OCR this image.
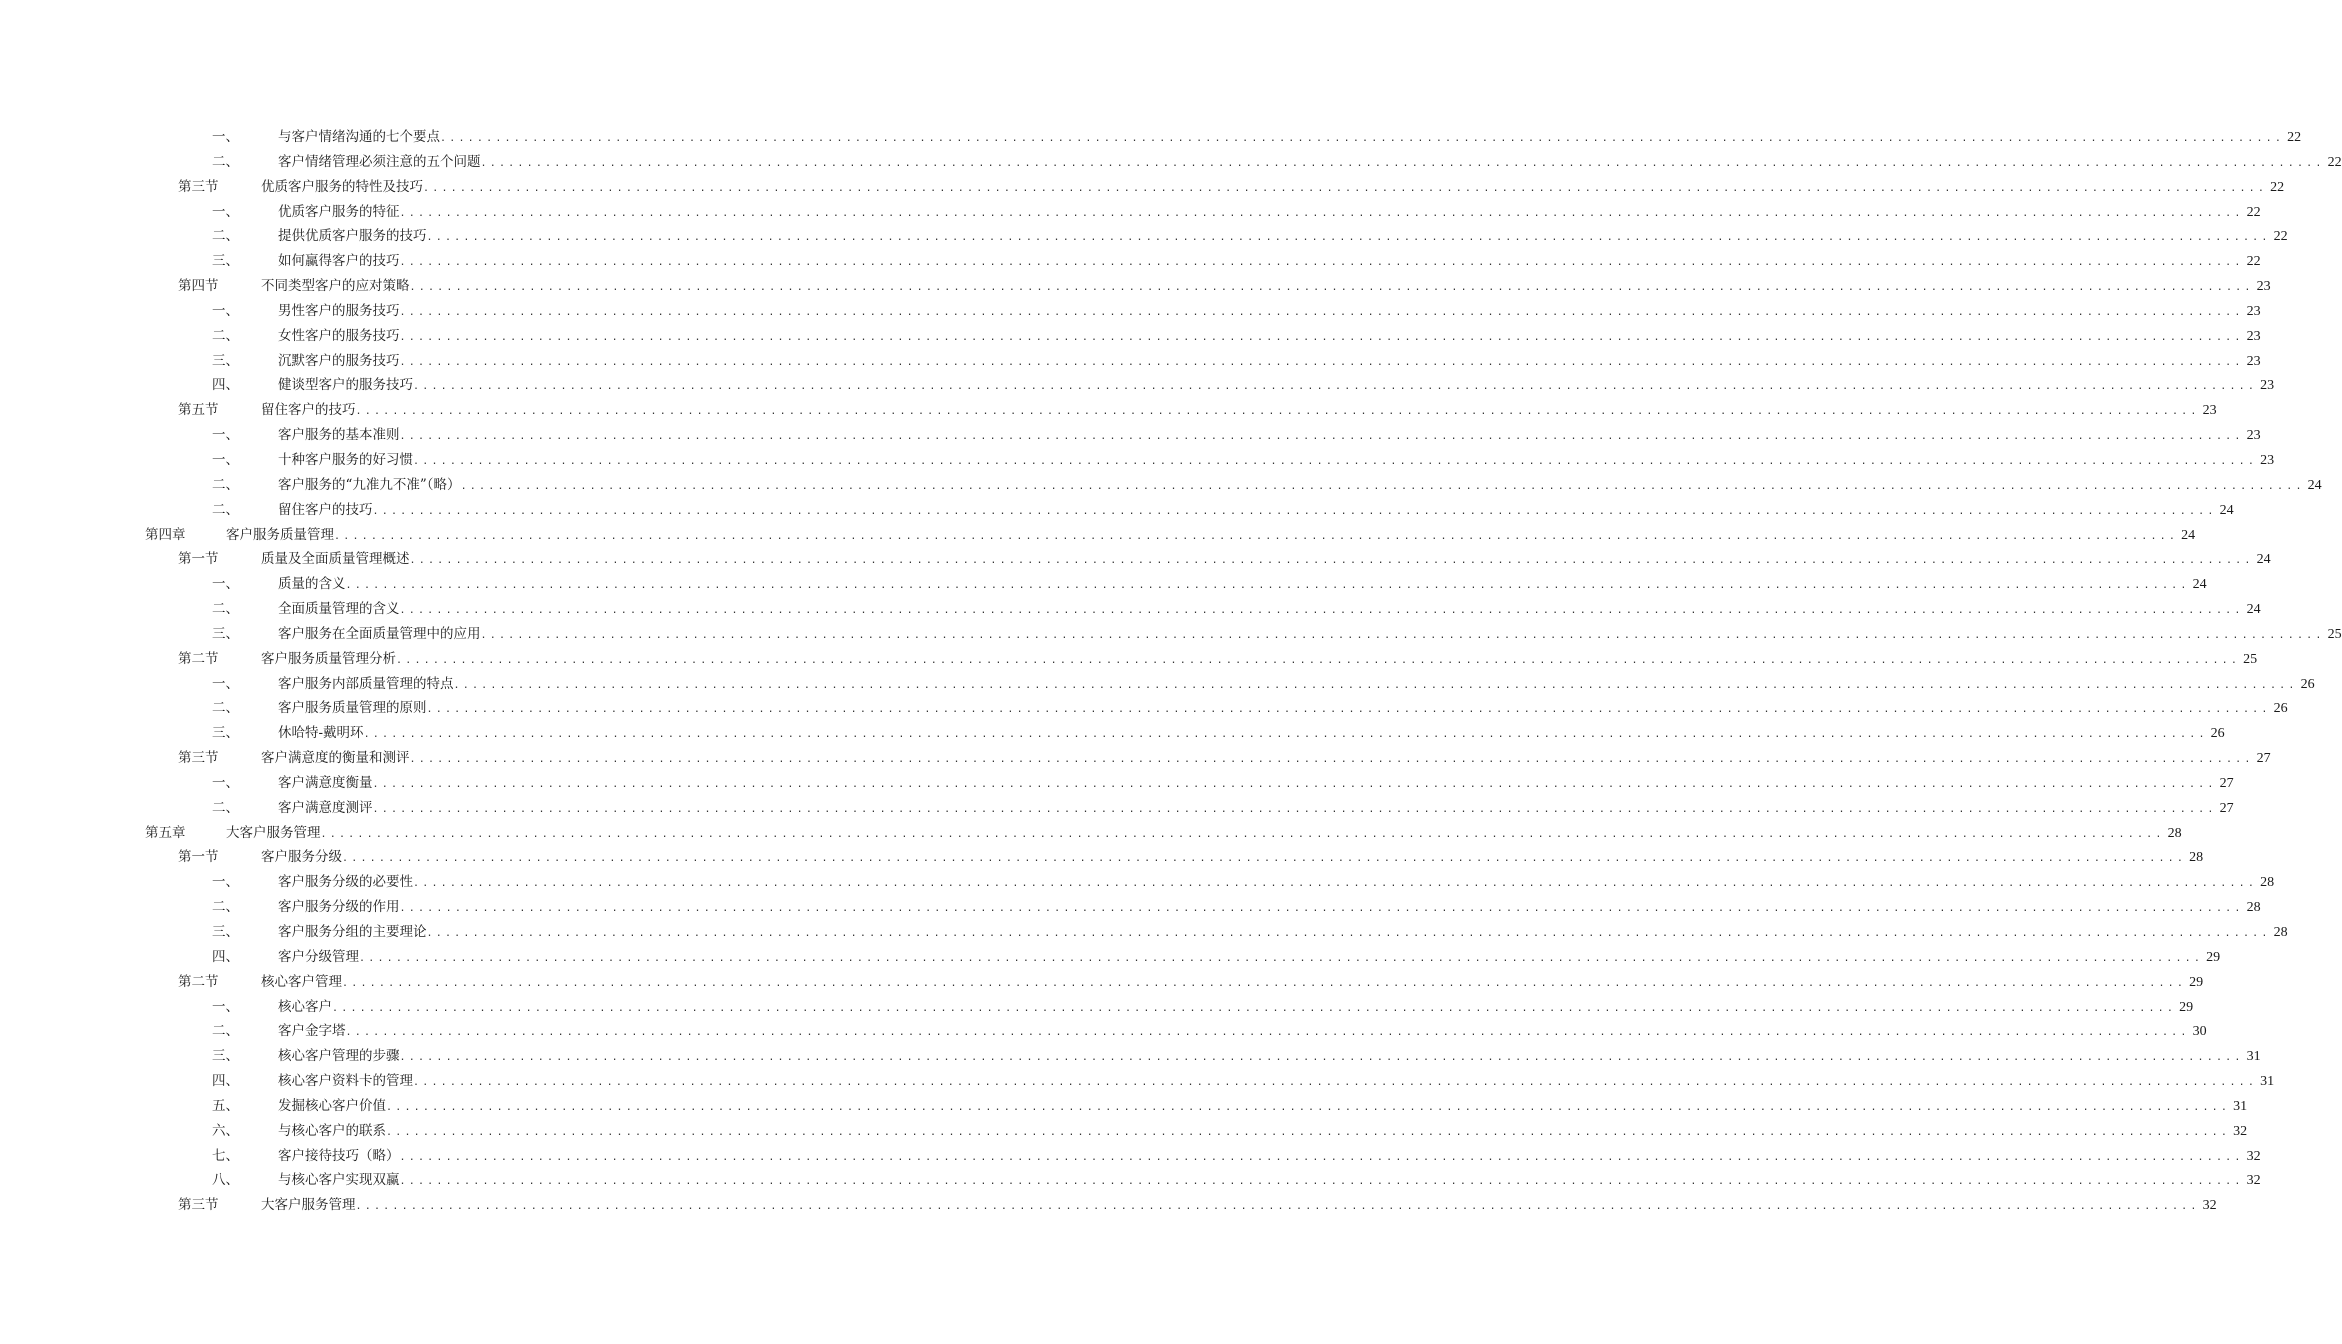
一、	与客户情绪沟通的七个要点 ........................................................................................................................................................................................................ 22
二、	客户情绪管理必须注意的五个问题 ........................................................................................................................................................................................................ 22
第三节	优质客户服务的特性及技巧 ........................................................................................................................................................................................................ 22
一、	优质客户服务的特征 ........................................................................................................................................................................................................ 22
二、	提供优质客户服务的技巧 ........................................................................................................................................................................................................ 22
三、	如何赢得客户的技巧 ........................................................................................................................................................................................................ 22
第四节	不同类型客户的应对策略 ........................................................................................................................................................................................................ 23
一、	男性客户的服务技巧 ........................................................................................................................................................................................................ 23
二、	女性客户的服务技巧 ........................................................................................................................................................................................................ 23
三、	沉默客户的服务技巧 ........................................................................................................................................................................................................ 23
四、	健谈型客户的服务技巧 ........................................................................................................................................................................................................ 23
第五节	留住客户的技巧 ........................................................................................................................................................................................................ 23
一、	客户服务的基本准则 ........................................................................................................................................................................................................ 23
一、	十种客户服务的好习惯 ........................................................................................................................................................................................................ 23
二、	客户服务的“九准九不准”（略） ........................................................................................................................................................................................................ 24
二、	留住客户的技巧 ........................................................................................................................................................................................................ 24
第四章	客户服务质量管理 ........................................................................................................................................................................................................ 24
第一节	质量及全面质量管理概述 ........................................................................................................................................................................................................ 24
一、	质量的含义 ........................................................................................................................................................................................................ 24
二、	全面质量管理的含义 ........................................................................................................................................................................................................ 24
三、	客户服务在全面质量管理中的应用 ........................................................................................................................................................................................................ 25
第二节	客户服务质量管理分析 ........................................................................................................................................................................................................ 25
一、	客户服务内部质量管理的特点 ........................................................................................................................................................................................................ 26
二、	客户服务质量管理的原则 ........................................................................................................................................................................................................ 26
三、	休哈特-戴明环 ........................................................................................................................................................................................................ 26
第三节	客户满意度的衡量和测评 ........................................................................................................................................................................................................ 27
一、	客户满意度衡量 ........................................................................................................................................................................................................ 27
二、	客户满意度测评 ........................................................................................................................................................................................................ 27
第五章	大客户服务管理 ........................................................................................................................................................................................................ 28
第一节	客户服务分级 ........................................................................................................................................................................................................ 28
一、	客户服务分级的必要性 ........................................................................................................................................................................................................ 28
二、	客户服务分级的作用 ........................................................................................................................................................................................................ 28
三、	客户服务分组的主要理论 ........................................................................................................................................................................................................ 28
四、	客户分级管理 ........................................................................................................................................................................................................ 29
第二节	核心客户管理 ........................................................................................................................................................................................................ 29
一、	核心客户 ........................................................................................................................................................................................................ 29
二、	客户金字塔 ........................................................................................................................................................................................................ 30
三、	核心客户管理的步骤 ........................................................................................................................................................................................................ 31
四、	核心客户资料卡的管理 ........................................................................................................................................................................................................ 31
五、	发掘核心客户价值 ........................................................................................................................................................................................................ 31
六、	与核心客户的联系 ........................................................................................................................................................................................................ 32
七、	客户接待技巧（略） ........................................................................................................................................................................................................ 32
八、	与核心客户实现双赢 ........................................................................................................................................................................................................ 32
第三节	大客户服务管理 ........................................................................................................................................................................................................ 32
